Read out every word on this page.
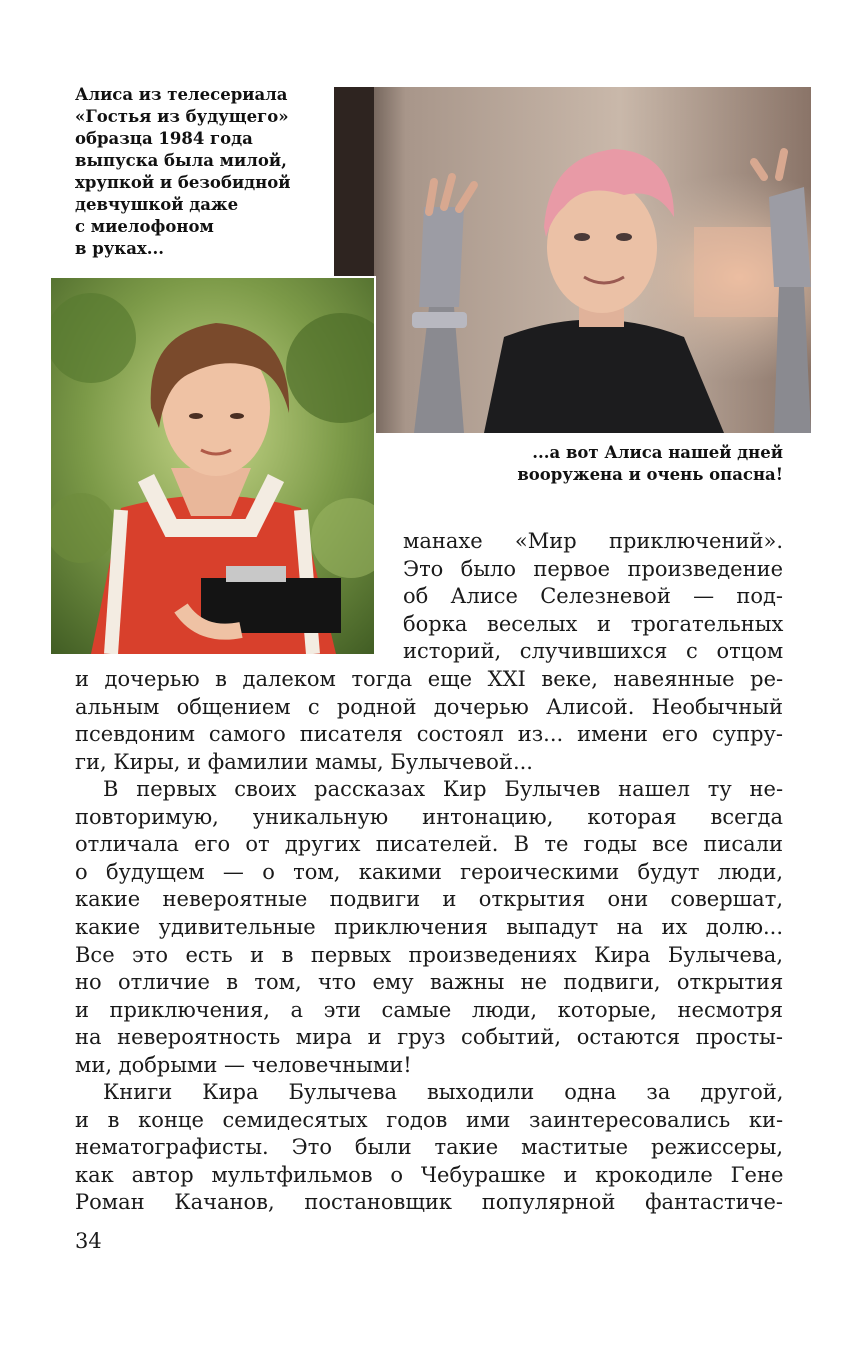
Алиса из телесериала
«Гостья из будущего»
образца 1984 года
выпуска была милой,
хрупкой и безобидной
девчушкой даже
с миелофоном
в руках...
...а вот Алиса нашей дней
вооружена и очень опасна!
манахе «Мир приключений».
Это было первое произведение
об Алисе Селезневой — под-
борка веселых и трогательных
историй, случившихся с отцом
и дочерью в далеком тогда еще XXI веке, навеянные ре-
альным общением с родной дочерью Алисой. Необычный
псевдоним самого писателя состоял из... имени его супру-
ги, Киры, и фамилии мамы, Булычевой...
В первых своих рассказах Кир Булычев нашел ту не-
повторимую, уникальную интонацию, которая всегда
отличала его от других писателей. В те годы все писали
о будущем — о том, какими героическими будут люди,
какие невероятные подвиги и открытия они совершат,
какие удивительные приключения выпадут на их долю...
Все это есть и в первых произведениях Кира Булычева,
но отличие в том, что ему важны не подвиги, открытия
и приключения, а эти самые люди, которые, несмотря
на невероятность мира и груз событий, остаются просты-
ми, добрыми — человечными!
Книги Кира Булычева выходили одна за другой,
и в конце семидесятых годов ими заинтересовались ки-
нематографисты. Это были такие маститые режиссеры,
как автор мультфильмов о Чебурашке и крокодиле Гене
Роман Качанов, постановщик популярной фантастиче-
34
